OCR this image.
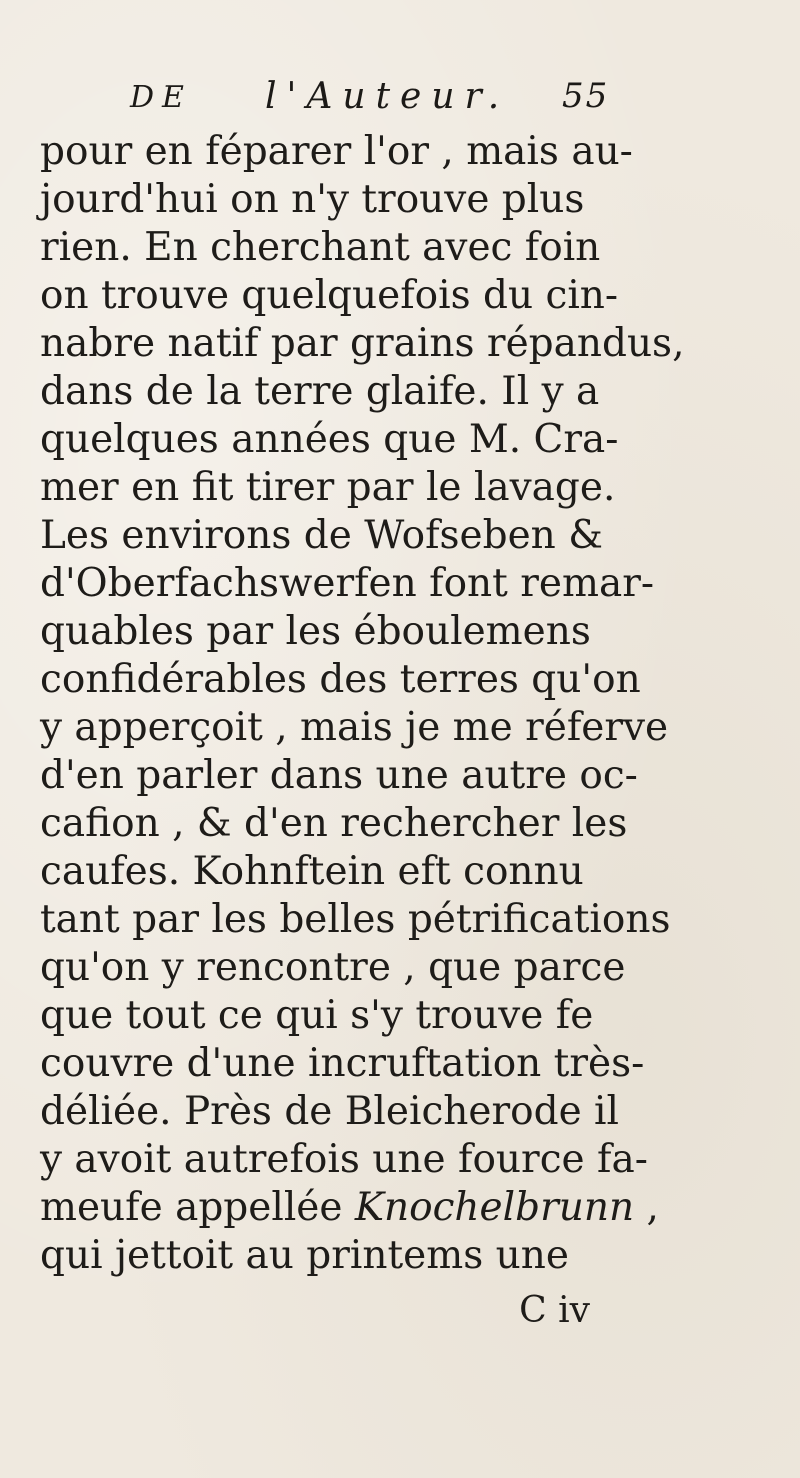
DE l'Auteur. 55
pour en féparer l'or , mais au-
jourd'hui on n'y trouve plus
rien. En cherchant avec foin
on trouve quelquefois du cin-
nabre natif par grains répandus,
dans de la terre glaife. Il y a
quelques années que M. Cra-
mer en fit tirer par le lavage.
Les environs de Wofseben &
d'Oberfachswerfen font remar-
quables par les éboulemens
confidérables des terres qu'on
y apperçoit , mais je me réferve
d'en parler dans une autre oc-
cafion , & d'en rechercher les
caufes. Kohnftein eft connu
tant par les belles pétrifications
qu'on y rencontre , que parce
que tout ce qui s'y trouve fe
couvre d'une incruftation très-
déliée. Près de Bleicherode il
y avoit autrefois une fource fa-
meufe appellée Knochelbrunn ,
qui jettoit au printems une
C iv
